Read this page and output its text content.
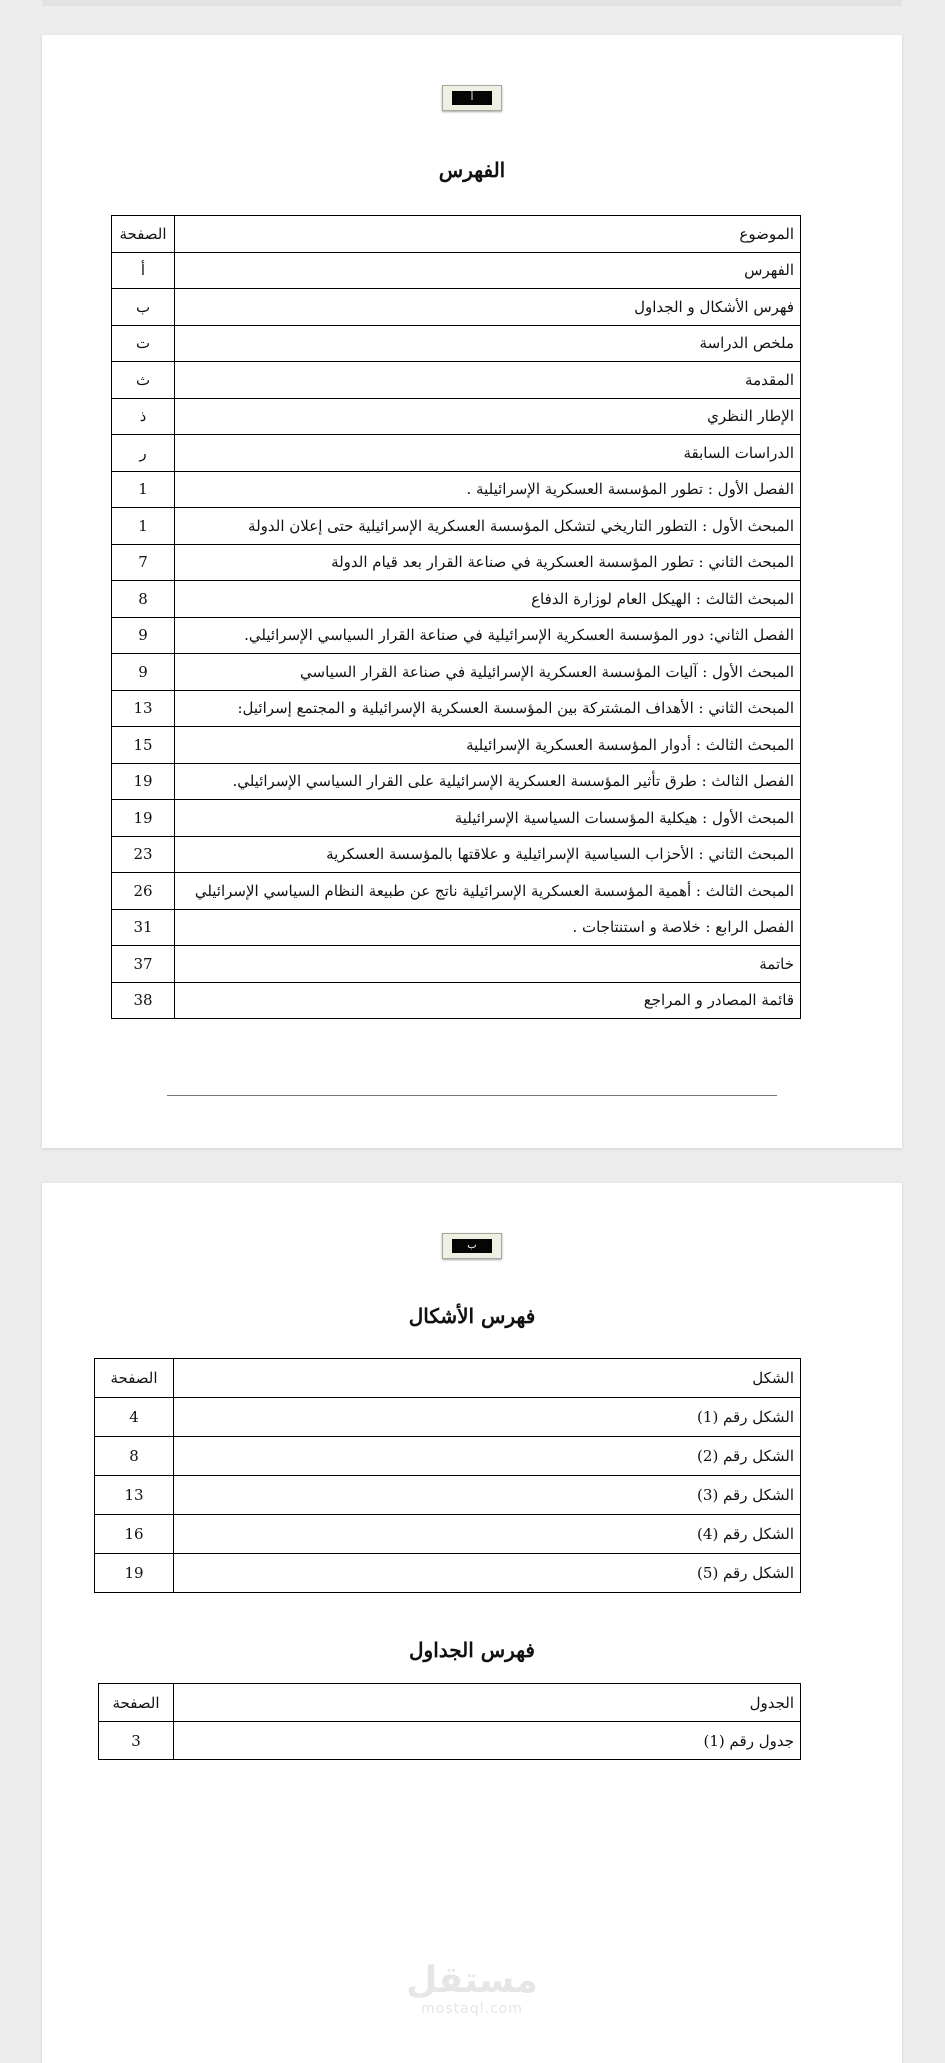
أ
الفهرس
الموضوع	الصفحة
الفهرس	أ
فهرس الأشكال و الجداول	ب
ملخص الدراسة	ت
المقدمة	ث
الإطار النظري	ذ
الدراسات السابقة	ر
الفصل الأول : تطور المؤسسة العسكرية الإسرائيلية .	1
المبحث الأول : التطور التاريخي لتشكل المؤسسة العسكرية الإسرائيلية حتى إعلان الدولة	1
المبحث الثاني : تطور المؤسسة العسكرية في صناعة القرار بعد قيام الدولة	7
المبحث الثالث : الهيكل العام لوزارة الدفاع	8
الفصل الثاني: دور المؤسسة العسكرية الإسرائيلية في صناعة القرار السياسي الإسرائيلي.	9
المبحث الأول : آليات المؤسسة العسكرية الإسرائيلية في صناعة القرار السياسي	9
المبحث الثاني : الأهداف المشتركة بين المؤسسة العسكرية الإسرائيلية و المجتمع إسرائيل:	13
المبحث الثالث : أدوار المؤسسة العسكرية الإسرائيلية	15
الفصل الثالث : طرق تأثير المؤسسة العسكرية الإسرائيلية على القرار السياسي الإسرائيلي.	19
المبحث الأول : هيكلية المؤسسات السياسية الإسرائيلية	19
المبحث الثاني : الأحزاب السياسية الإسرائيلية و علاقتها بالمؤسسة العسكرية	23
المبحث الثالث : أهمية المؤسسة العسكرية الإسرائيلية ناتج عن طبيعة النظام السياسي الإسرائيلي	26
الفصل الرابع : خلاصة و استنتاجات .	31
خاتمة	37
قائمة المصادر و المراجع	38
ب
فهرس الأشكال
الشكل	الصفحة
الشكل رقم (1)	4
الشكل رقم (2)	8
الشكل رقم (3)	13
الشكل رقم (4)	16
الشكل رقم (5)	19
فهرس الجداول
الجدول	الصفحة
جدول رقم (1)	3
مستقل
mostaql.com
